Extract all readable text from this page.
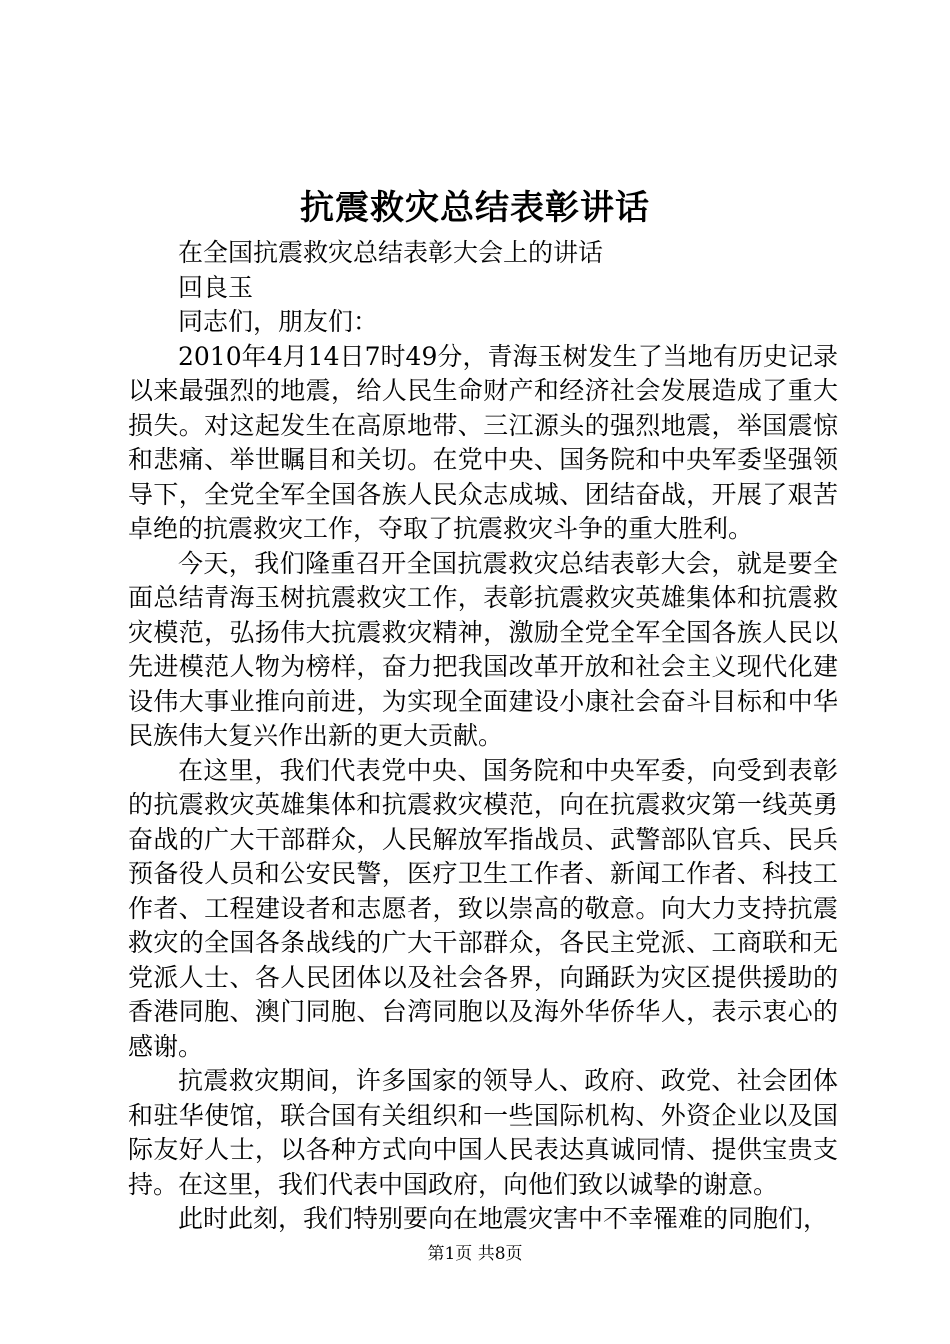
抗震救灾总结表彰讲话

在全国抗震救灾总结表彰大会上的讲话

回良玉

同志们，朋友们：

2010年4月14日7时49分，青海玉树发生了当地有历史记录以来最强烈的地震，给人民生命财产和经济社会发展造成了重大损失。对这起发生在高原地带、三江源头的强烈地震，举国震惊和悲痛、举世瞩目和关切。在党中央、国务院和中央军委坚强领导下，全党全军全国各族人民众志成城、团结奋战，开展了艰苦卓绝的抗震救灾工作，夺取了抗震救灾斗争的重大胜利。

今天，我们隆重召开全国抗震救灾总结表彰大会，就是要全面总结青海玉树抗震救灾工作，表彰抗震救灾英雄集体和抗震救灾模范，弘扬伟大抗震救灾精神，激励全党全军全国各族人民以先进模范人物为榜样，奋力把我国改革开放和社会主义现代化建设伟大事业推向前进，为实现全面建设小康社会奋斗目标和中华民族伟大复兴作出新的更大贡献。

在这里，我们代表党中央、国务院和中央军委，向受到表彰的抗震救灾英雄集体和抗震救灾模范，向在抗震救灾第一线英勇奋战的广大干部群众，人民解放军指战员、武警部队官兵、民兵预备役人员和公安民警，医疗卫生工作者、新闻工作者、科技工作者、工程建设者和志愿者，致以崇高的敬意。向大力支持抗震救灾的全国各条战线的广大干部群众，各民主党派、工商联和无党派人士、各人民团体以及社会各界，向踊跃为灾区提供援助的香港同胞、澳门同胞、台湾同胞以及海外华侨华人，表示衷心的感谢。

抗震救灾期间，许多国家的领导人、政府、政党、社会团体和驻华使馆，联合国有关组织和一些国际机构、外资企业以及国际友好人士，以各种方式向中国人民表达真诚同情、提供宝贵支持。在这里，我们代表中国政府，向他们致以诚挚的谢意。

此时此刻，我们特别要向在地震灾害中不幸罹难的同胞们，

第1页 共8页
